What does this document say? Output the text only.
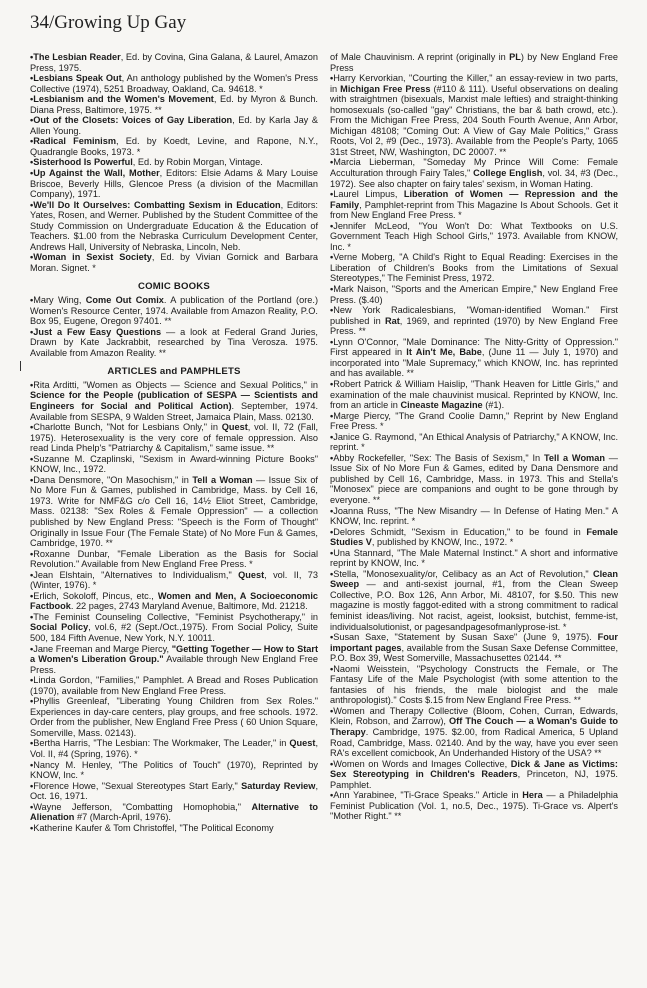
34/Growing Up Gay

•The Lesbian Reader, Ed. by Covina, Gina Galana, & Laurel, Amazon Press, 1975.

•Lesbians Speak Out, An anthology published by the Women's Press Collective (1974), 5251 Broadway, Oakland, Ca. 94618. *

•Lesbianism and the Women's Movement, Ed. by Myron & Bunch. Diana Press, Baltimore, 1975. **

•Out of the Closets: Voices of Gay Liberation, Ed. by Karla Jay & Allen Young.

•Radical Feminism, Ed. by Koedt, Levine, and Rapone, N.Y., Quadrangle Books, 1973. *

•Sisterhood Is Powerful, Ed. by Robin Morgan, Vintage.

•Up Against the Wall, Mother, Editors: Elsie Adams & Mary Louise Briscoe, Beverly Hills, Glencoe Press (a division of the Macmillan Company), 1971.

•We'll Do It Ourselves: Combatting Sexism in Education, Editors: Yates, Rosen, and Werner. Published by the Student Committee of the Study Commission on Undergraduate Education & the Education of Teachers. $1.00 from the Nebraska Curriculum Development Center, Andrews Hall, University of Nebraska, Lincoln, Neb.

•Woman in Sexist Society, Ed. by Vivian Gornick and Barbara Moran. Signet. *

COMIC BOOKS

•Mary Wing, Come Out Comix. A publication of the Portland (ore.) Women's Resource Center, 1974. Available from Amazon Reality, P.O. Box 95, Eugene, Oregon 97401. **

•Just a Few Easy Questions — a look at Federal Grand Juries, Drawn by Kate Jackrabbit, researched by Tina Verosza. 1975. Available from Amazon Reality. **

ARTICLES and PAMPHLETS

•Rita Arditti, "Women as Objects — Science and Sexual Politics," in Science for the People (publication of SESPA — Scientists and Engineers for Social and Political Action). September, 1974. Available from SESPA, 9 Walden Street, Jamaica Plain, Mass. 02130.

•Charlotte Bunch, "Not for Lesbians Only," in Quest, vol. II, 72 (Fall, 1975). Heterosexuality is the very core of female oppression. Also read Linda Phelp's "Patriarchy & Capitalism," same issue. **

•Suzanne M. Czaplinski, "Sexism in Award-winning Picture Books" KNOW, Inc., 1972.

•Dana Densmore, "On Masochism," in Tell a Woman — Issue Six of No More Fun & Games, published in Cambridge, Mass. by Cell 16, 1973. Write for NMF&G c/o Cell 16, 14½ Eliot Street, Cambridge, Mass. 02138: "Sex Roles & Female Oppression" — a collection published by New England Press: "Speech is the Form of Thought" Originally in Issue Four (The Female State) of No More Fun & Games, Cambridge, 1970. **

•Roxanne Dunbar, "Female Liberation as the Basis for Social Revolution." Available from New England Free Press. *

•Jean Elshtain, "Alternatives to Individualism," Quest, vol. II, 73 (Winter, 1976). *

•Erlich, Sokoloff, Pincus, etc., Women and Men, A Socioeconomic Factbook. 22 pages, 2743 Maryland Avenue, Baltimore, Md. 21218.

•The Feminist Counseling Collective, "Feminist Psychotherapy," in Social Policy, vol.6, #2 (Sept./Oct.,1975). From Social Policy, Suite 500, 184 Fifth Avenue, New York, N.Y. 10011.

•Jane Freeman and Marge Piercy, "Getting Together — How to Start a Women's Liberation Group." Available through New England Free Press.

•Linda Gordon, "Families," Pamphlet. A Bread and Roses Publication (1970), available from New England Free Press.

•Phyllis Greenleaf, "Liberating Young Children from Sex Roles." Experiences in day-care centers, play groups, and free schools. 1972. Order from the publisher, New England Free Press ( 60 Union Square, Somerville, Mass. 02143).

•Bertha Harris, "The Lesbian: The Workmaker, The Leader," in Quest, Vol. II, #4 (Spring, 1976). *

•Nancy M. Henley, "The Politics of Touch" (1970), Reprinted by KNOW, Inc. *

•Florence Howe, "Sexual Stereotypes Start Early," Saturday Review, Oct. 16, 1971.

•Wayne Jefferson, "Combatting Homophobia," Alternative to Alienation #7 (March-April, 1976).

•Katherine Kaufer & Tom Christoffel, "The Political Economy

of Male Chauvinism. A reprint (originally in PL) by New England Free Press

•Harry Kervorkian, "Courting the Killer," an essay-review in two parts, in Michigan Free Press (#110 & 111). Useful observations on dealing with straightmen (bisexuals, Marxist male lefties) and straight-thinking homosexuals (so-called "gay" Christians, the bar & bath crowd, etc.). From the Michigan Free Press, 204 South Fourth Avenue, Ann Arbor, Michigan 48108; "Coming Out: A View of Gay Male Politics," Grass Roots, Vol 2, #9 (Dec., 1973). Available from the People's Party, 1065 31st Street, NW, Washington, DC 20007. **

•Marcia Lieberman, "Someday My Prince Will Come: Female Acculturation through Fairy Tales," College English, vol. 34, #3 (Dec., 1972). See also chapter on fairy tales' sexism, in Woman Hating.

•Laurel Limpus, Liberation of Women — Repression and the Family, Pamphlet-reprint from This Magazine Is About Schools. Get it from New England Free Press. *

•Jennifer McLeod, "You Won't Do: What Textbooks on U.S. Government Teach High School Girls," 1973. Available from KNOW, Inc. *

•Verne Moberg, "A Child's Right to Equal Reading: Exercises in the Liberation of Children's Books from the Limitations of Sexual Stereotypes," The Feminist Press, 1972.

•Mark Naison, "Sports and the American Empire," New England Free Press. ($.40)

•New York Radicalesbians, "Woman-identified Woman." First published in Rat, 1969, and reprinted (1970) by New England Free Press. **

•Lynn O'Connor, "Male Dominance: The Nitty-Gritty of Oppression." First appeared in It Ain't Me, Babe, (June 11 — July 1, 1970) and incorporated into "Male Supremacy," which KNOW, Inc. has reprinted and has available. **

•Robert Patrick & William Haislip, "Thank Heaven for Little Girls," and examination of the male chauvinist musical. Reprinted by KNOW, Inc. from an article in Cineaste Magazine (#1).

•Marge Piercy, "The Grand Coolie Damn," Reprint by New England Free Press. *

•Janice G. Raymond, "An Ethical Analysis of Patriarchy," A KNOW, Inc. reprint. *

•Abby Rockefeller, "Sex: The Basis of Sexism," In Tell a Woman — Issue Six of No More Fun & Games, edited by Dana Densmore and published by Cell 16, Cambridge, Mass. in 1973. This and Stella's "Monosex" piece are companions and ought to be gone through by everyone. **

•Joanna Russ, "The New Misandry — In Defense of Hating Men." A KNOW, Inc. reprint. *

•Delores Schmidt, "Sexism in Education," to be found in Female Studies V, published by KNOW, Inc., 1972. *

•Una Stannard, "The Male Maternal Instinct." A short and informative reprint by KNOW, Inc. *

•Stella, "Monosexuality/or, Celibacy as an Act of Revolution," Clean Sweep — and anti-sexist journal, #1, from the Clean Sweep Collective, P.O. Box 126, Ann Arbor, Mi. 48107, for $.50. This new magazine is mostly faggot-edited with a strong commitment to radical feminist ideas/living. Not racist, ageist, looksist, butchist, femme-ist, individualsolutionist, or pagesandpagesofmanlyprose-ist. *

•Susan Saxe, "Statement by Susan Saxe" (June 9, 1975). Four important pages, available from the Susan Saxe Defense Committee, P.O. Box 39, West Somerville, Massachusettes 02144. **

•Naomi Weisstein, "Psychology Constructs the Female, or The Fantasy Life of the Male Psychologist (with some attention to the fantasies of his friends, the male biologist and the male anthropologist)." Costs $.15 from New England Free Press. **

•Women and Therapy Collective (Bloom, Cohen, Curran, Edwards, Klein, Robson, and Zarrow), Off The Couch — a Woman's Guide to Therapy. Cambridge, 1975. $2.00, from Radical America, 5 Upland Road, Cambridge, Mass. 02140. And by the way, have you ever seen RA's excellent comicbook, An Underhanded History of the USA? **

•Women on Words and Images Collective, Dick & Jane as Victims: Sex Stereotyping in Children's Readers, Princeton, NJ, 1975. Pamphlet.

•Ann Yarabinee, "Ti-Grace Speaks." Article in Hera — a Philadelphia Feminist Publication (Vol. 1, no.5, Dec., 1975). Ti-Grace vs. Alpert's "Mother Right." **
